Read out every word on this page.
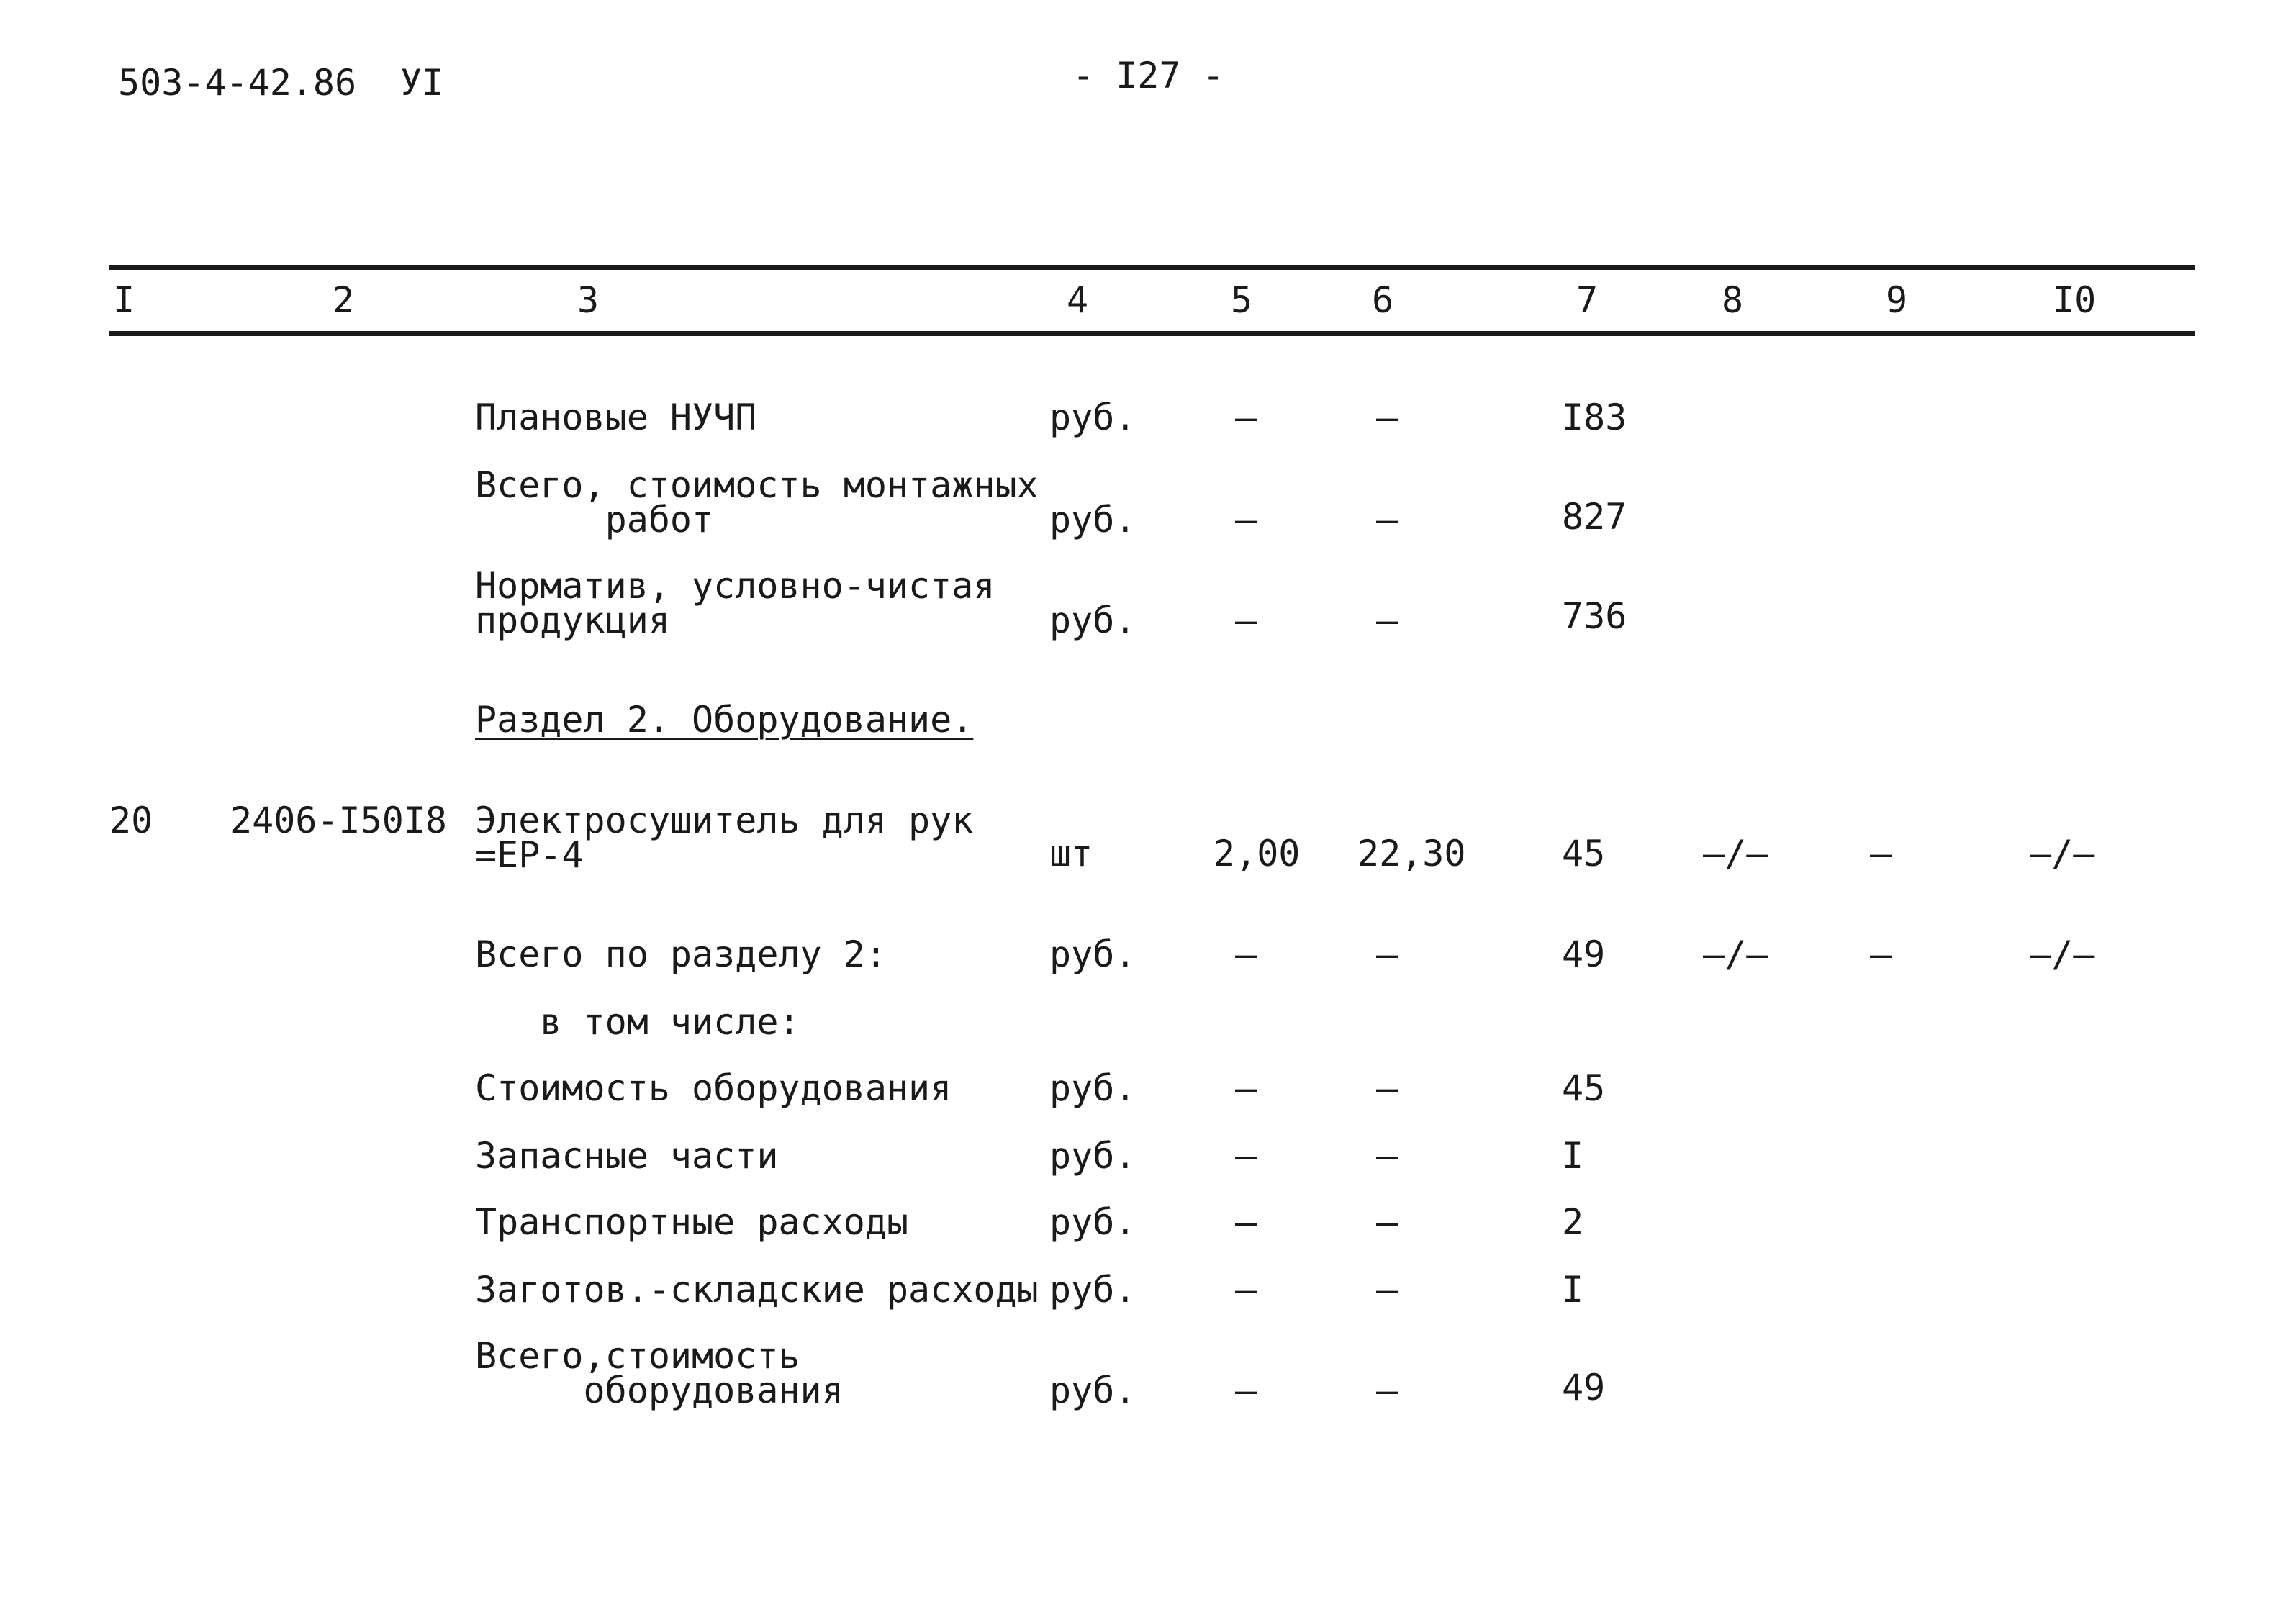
503-4-42.86 УI	- I27 -
I	2	3	4	5	6	7	8	9	I0
Плановые НУЧП	руб.	–	–	I83
Всего, стоимость монтажных
работ	руб.	–	–	827
Норматив, условно-чистая
продукция	руб.	–	–	736
Раздел 2. Оборудование.
20 2406-I50I8 Электросушитель для рук
=ЕР-4	шт	2,00 22,30	45	–/–	–	–/–
Всего по разделу 2:	руб.	–	–	49	–/–	–	–/–
в том числе:
Стоимость оборудования	руб.	–	–	45
Запасные части	руб.	–	–	I
Транспортные расходы	руб.	–	–	2
Заготов.-складские расходы руб.	–	–	I
Всего,стоимость
оборудования	руб.	–	–	49
